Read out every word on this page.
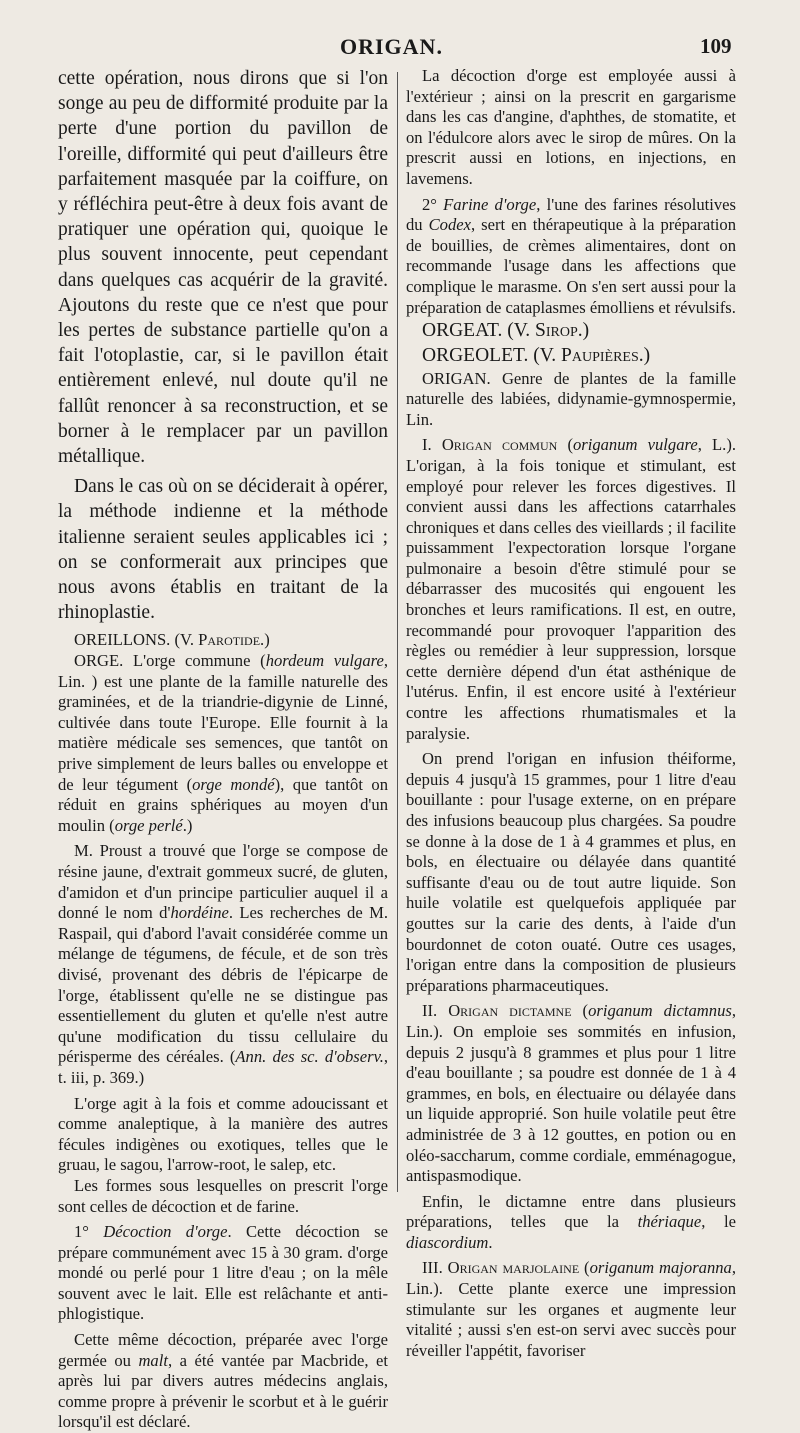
ORIGAN.	109

cette opération, nous dirons que si l'on songe au peu de difformité produite par la perte d'une portion du pavillon de l'oreille, difformité qui peut d'ailleurs être parfaitement masquée par la coiffure, on y réfléchira peut-être à deux fois avant de pratiquer une opération qui, quoique le plus souvent innocente, peut cependant dans quelques cas acquérir de la gravité. Ajoutons du reste que ce n'est que pour les pertes de substance partielle qu'on a fait l'otoplastie, car, si le pavillon était entièrement enlevé, nul doute qu'il ne fallût renoncer à sa reconstruction, et se borner à le remplacer par un pavillon métallique.

Dans le cas où on se déciderait à opérer, la méthode indienne et la méthode italienne seraient seules applicables ici ; on se conformerait aux principes que nous avons établis en traitant de la rhinoplastie.

OREILLONS. (V. Parotide.)

ORGE. L'orge commune (hordeum vulgare, Lin. ) est une plante de la famille naturelle des graminées, et de la triandrie-digynie de Linné, cultivée dans toute l'Europe. Elle fournit à la matière médicale ses semences, que tantôt on prive simplement de leurs balles ou enveloppe et de leur tégument (orge mondé), que tantôt on réduit en grains sphériques au moyen d'un moulin (orge perlé.)

M. Proust a trouvé que l'orge se compose de résine jaune, d'extrait gommeux sucré, de gluten, d'amidon et d'un principe particulier auquel il a donné le nom d'hordéine. Les recherches de M. Raspail, qui d'abord l'avait considérée comme un mélange de tégumens, de fécule, et de son très divisé, provenant des débris de l'épicarpe de l'orge, établissent qu'elle ne se distingue pas essentiellement du gluten et qu'elle n'est autre qu'une modification du tissu cellulaire du périsperme des céréales. (Ann. des sc. d'observ., t. iii, p. 369.)

L'orge agit à la fois et comme adoucissant et comme analeptique, à la manière des autres fécules indigènes ou exotiques, telles que le gruau, le sagou, l'arrow-root, le salep, etc.

Les formes sous lesquelles on prescrit l'orge sont celles de décoction et de farine.

1° Décoction d'orge. Cette décoction se prépare communément avec 15 à 30 gram. d'orge mondé ou perlé pour 1 litre d'eau ; on la mêle souvent avec le lait. Elle est relâchante et anti-phlogistique.

Cette même décoction, préparée avec l'orge germée ou malt, a été vantée par Macbride, et après lui par divers autres médecins anglais, comme propre à prévenir le scorbut et à le guérir lorsqu'il est déclaré.

La décoction d'orge est employée aussi à l'extérieur ; ainsi on la prescrit en gargarisme dans les cas d'angine, d'aphthes, de stomatite, et on l'édulcore alors avec le sirop de mûres. On la prescrit aussi en lotions, en injections, en lavemens.

2° Farine d'orge, l'une des farines résolutives du Codex, sert en thérapeutique à la préparation de bouillies, de crèmes alimentaires, dont on recommande l'usage dans les affections que complique le marasme. On s'en sert aussi pour la préparation de cataplasmes émolliens et révulsifs.

ORGEAT. (V. Sirop.)

ORGEOLET. (V. Paupières.)

ORIGAN. Genre de plantes de la famille naturelle des labiées, didynamie-gymnospermie, Lin.

I. Origan commun (origanum vulgare, L.). L'origan, à la fois tonique et stimulant, est employé pour relever les forces digestives. Il convient aussi dans les affections catarrhales chroniques et dans celles des vieillards ; il facilite puissamment l'expectoration lorsque l'organe pulmonaire a besoin d'être stimulé pour se débarrasser des mucosités qui engouent les bronches et leurs ramifications. Il est, en outre, recommandé pour provoquer l'apparition des règles ou remédier à leur suppression, lorsque cette dernière dépend d'un état asthénique de l'utérus. Enfin, il est encore usité à l'extérieur contre les affections rhumatismales et la paralysie.

On prend l'origan en infusion théiforme, depuis 4 jusqu'à 15 grammes, pour 1 litre d'eau bouillante : pour l'usage externe, on en prépare des infusions beaucoup plus chargées. Sa poudre se donne à la dose de 1 à 4 grammes et plus, en bols, en électuaire ou délayée dans quantité suffisante d'eau ou de tout autre liquide. Son huile volatile est quelquefois appliquée par gouttes sur la carie des dents, à l'aide d'un bourdonnet de coton ouaté. Outre ces usages, l'origan entre dans la composition de plusieurs préparations pharmaceutiques.

II. Origan dictamne (origanum dictamnus, Lin.). On emploie ses sommités en infusion, depuis 2 jusqu'à 8 grammes et plus pour 1 litre d'eau bouillante ; sa poudre est donnée de 1 à 4 grammes, en bols, en électuaire ou délayée dans un liquide approprié. Son huile volatile peut être administrée de 3 à 12 gouttes, en potion ou en oléo-saccharum, comme cordiale, emménagogue, antispasmodique.

Enfin, le dictamne entre dans plusieurs préparations, telles que la thériaque, le diascordium.

III. Origan marjolaine (origanum majoranna, Lin.). Cette plante exerce une impression stimulante sur les organes et augmente leur vitalité ; aussi s'en est-on servi avec succès pour réveiller l'appétit, favoriser
